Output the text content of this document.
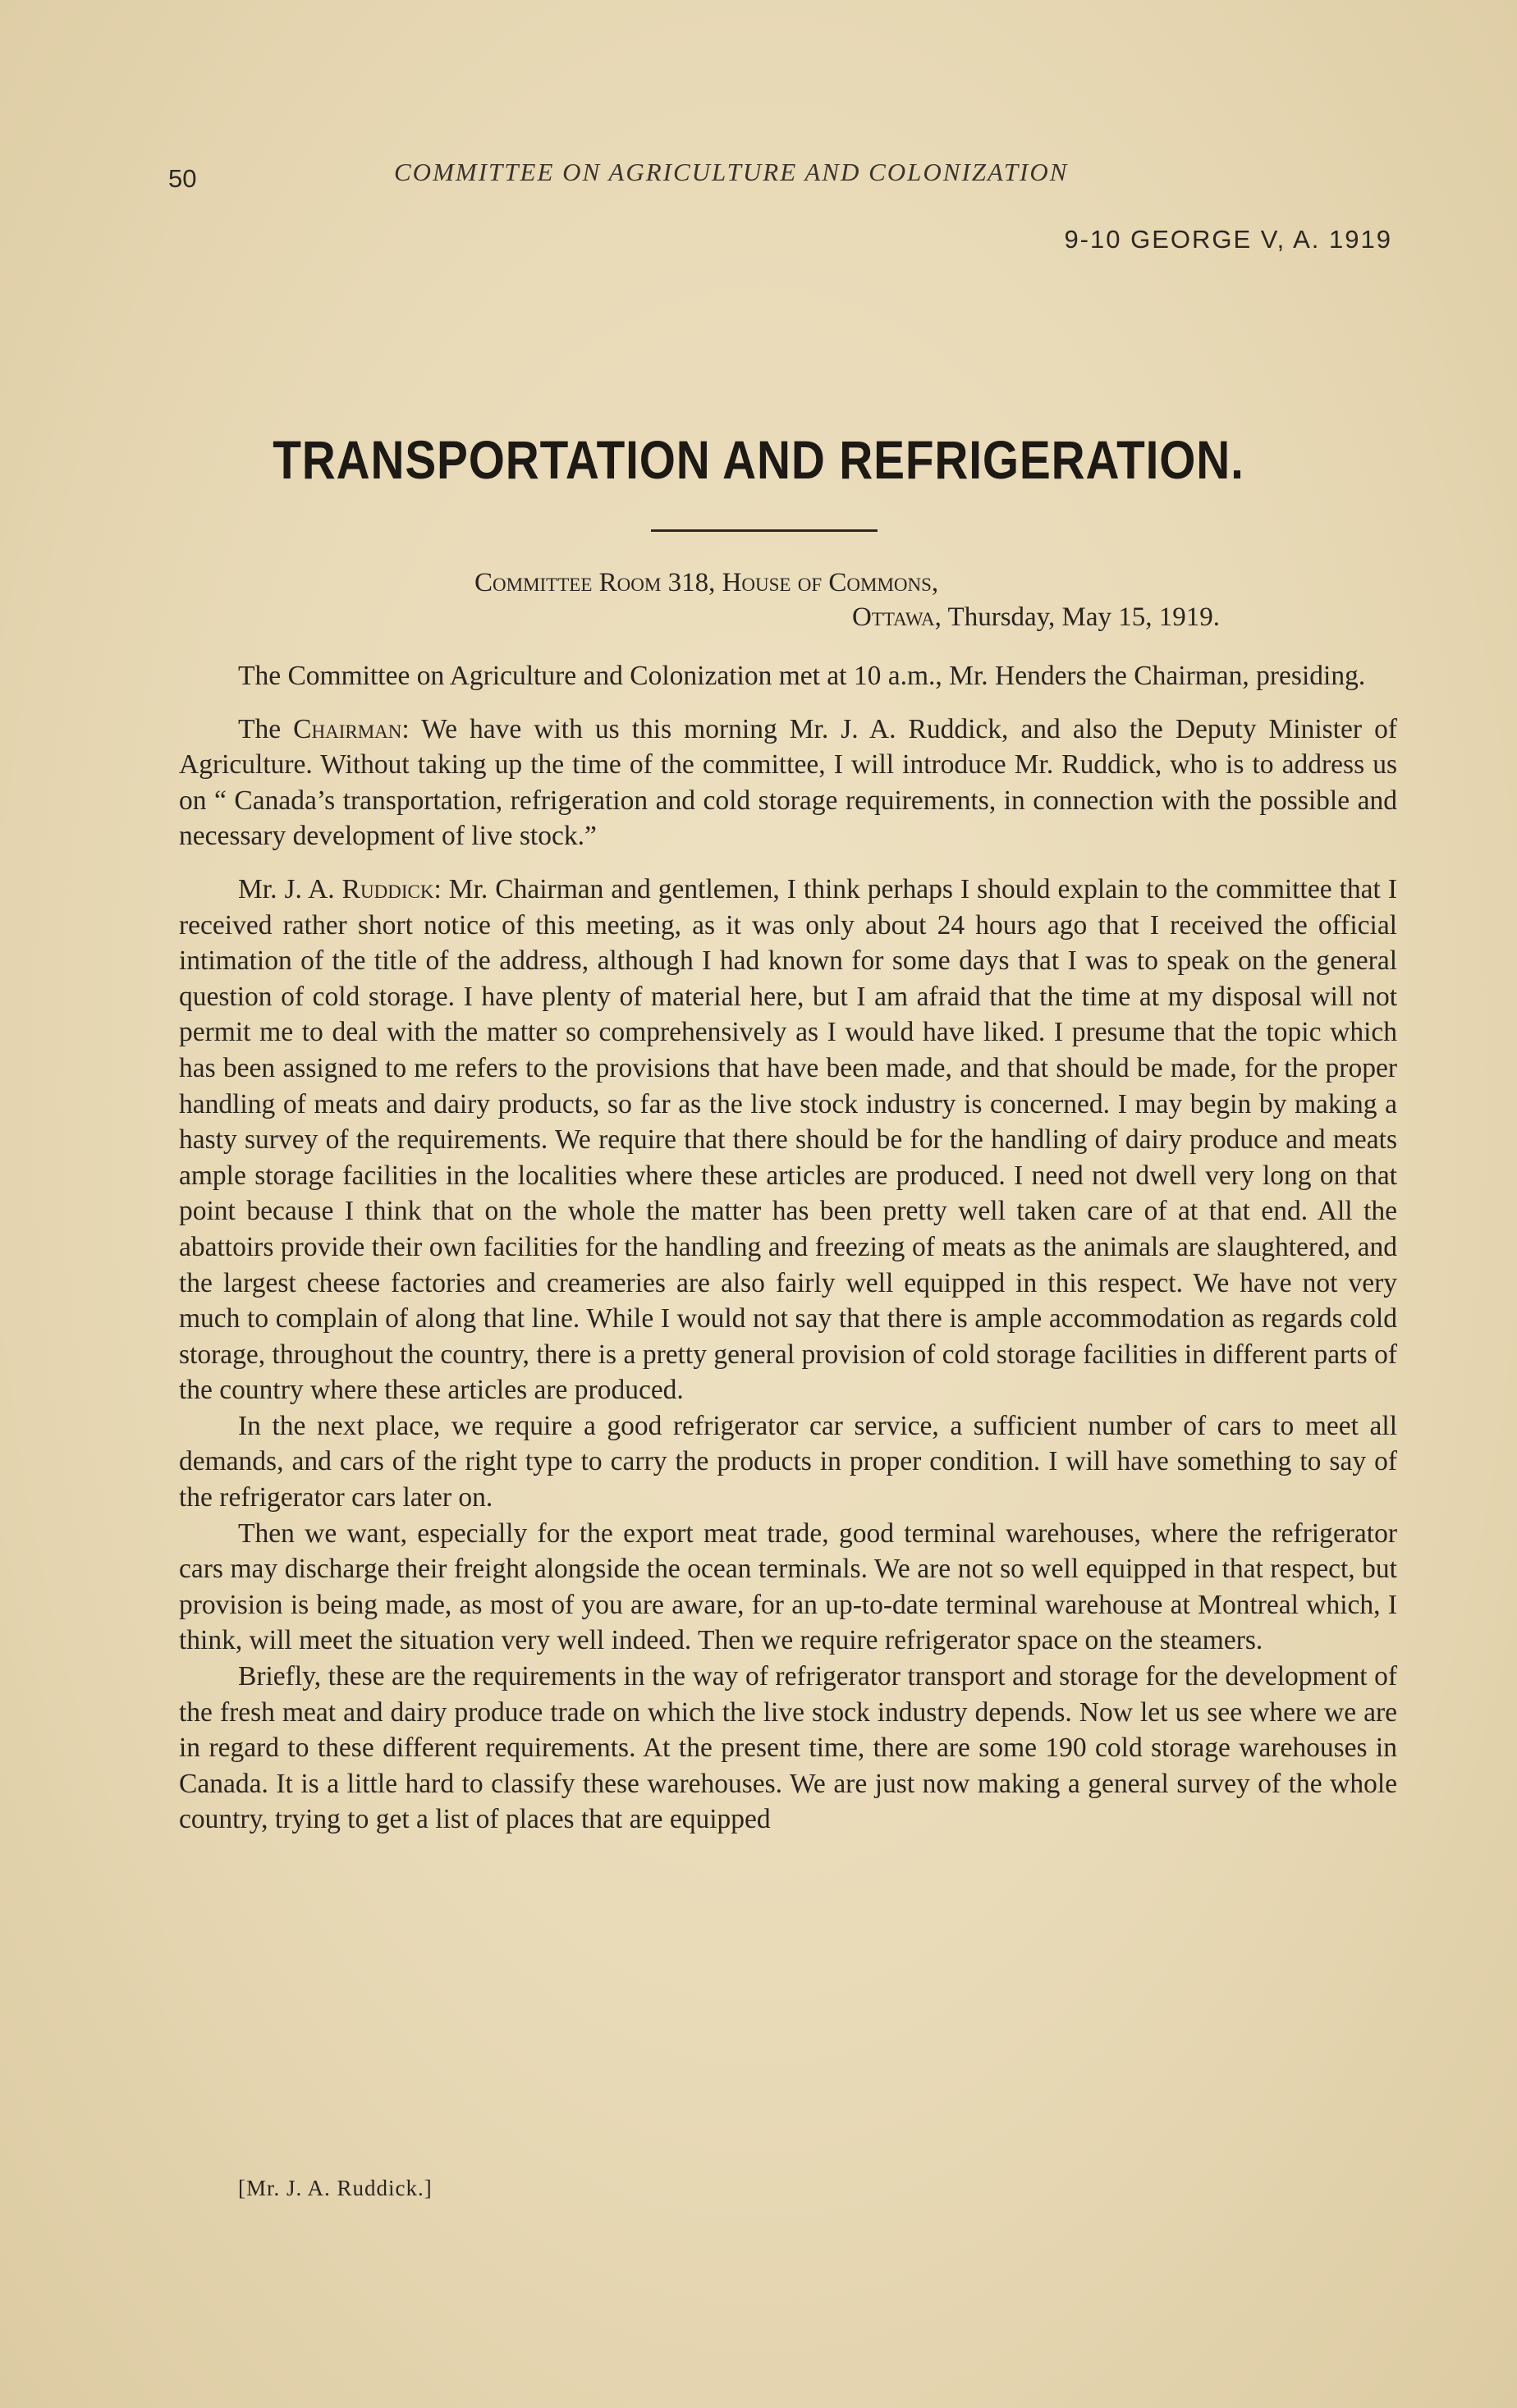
50	COMMITTEE ON AGRICULTURE AND COLONIZATION
9-10 GEORGE V, A. 1919
TRANSPORTATION AND REFRIGERATION.
Committee Room 318, House of Commons,
Ottawa, Thursday, May 15, 1919.

The Committee on Agriculture and Colonization met at 10 a.m., Mr. Henders the Chairman, presiding.

The Chairman: We have with us this morning Mr. J. A. Ruddick, and also the Deputy Minister of Agriculture. Without taking up the time of the committee, I will introduce Mr. Ruddick, who is to address us on “ Canada’s transportation, refrigeration and cold storage requirements, in connection with the possible and necessary development of live stock.”

Mr. J. A. Ruddick: Mr. Chairman and gentlemen, I think perhaps I should explain to the committee that I received rather short notice of this meeting, as it was only about 24 hours ago that I received the official intimation of the title of the address, although I had known for some days that I was to speak on the general question of cold storage. I have plenty of material here, but I am afraid that the time at my disposal will not permit me to deal with the matter so comprehensively as I would have liked. I presume that the topic which has been assigned to me refers to the provisions that have been made, and that should be made, for the proper handling of meats and dairy products, so far as the live stock industry is concerned. I may begin by making a hasty survey of the requirements. We require that there should be for the handling of dairy produce and meats ample storage facilities in the localities where these articles are produced. I need not dwell very long on that point because I think that on the whole the matter has been pretty well taken care of at that end. All the abattoirs provide their own facilities for the handling and freezing of meats as the animals are slaughtered, and the largest cheese factories and creameries are also fairly well equipped in this respect. We have not very much to complain of along that line. While I would not say that there is ample accommodation as regards cold storage, throughout the country, there is a pretty general provision of cold storage facilities in different parts of the country where these articles are produced.

In the next place, we require a good refrigerator car service, a sufficient number of cars to meet all demands, and cars of the right type to carry the products in proper condition. I will have something to say of the refrigerator cars later on.

Then we want, especially for the export meat trade, good terminal warehouses, where the refrigerator cars may discharge their freight alongside the ocean terminals. We are not so well equipped in that respect, but provision is being made, as most of you are aware, for an up-to-date terminal warehouse at Montreal which, I think, will meet the situation very well indeed. Then we require refrigerator space on the steamers.

Briefly, these are the requirements in the way of refrigerator transport and storage for the development of the fresh meat and dairy produce trade on which the live stock industry depends. Now let us see where we are in regard to these different requirements. At the present time, there are some 190 cold storage warehouses in Canada. It is a little hard to classify these warehouses. We are just now making a general survey of the whole country, trying to get a list of places that are equipped

[Mr. J. A. Ruddick.]
